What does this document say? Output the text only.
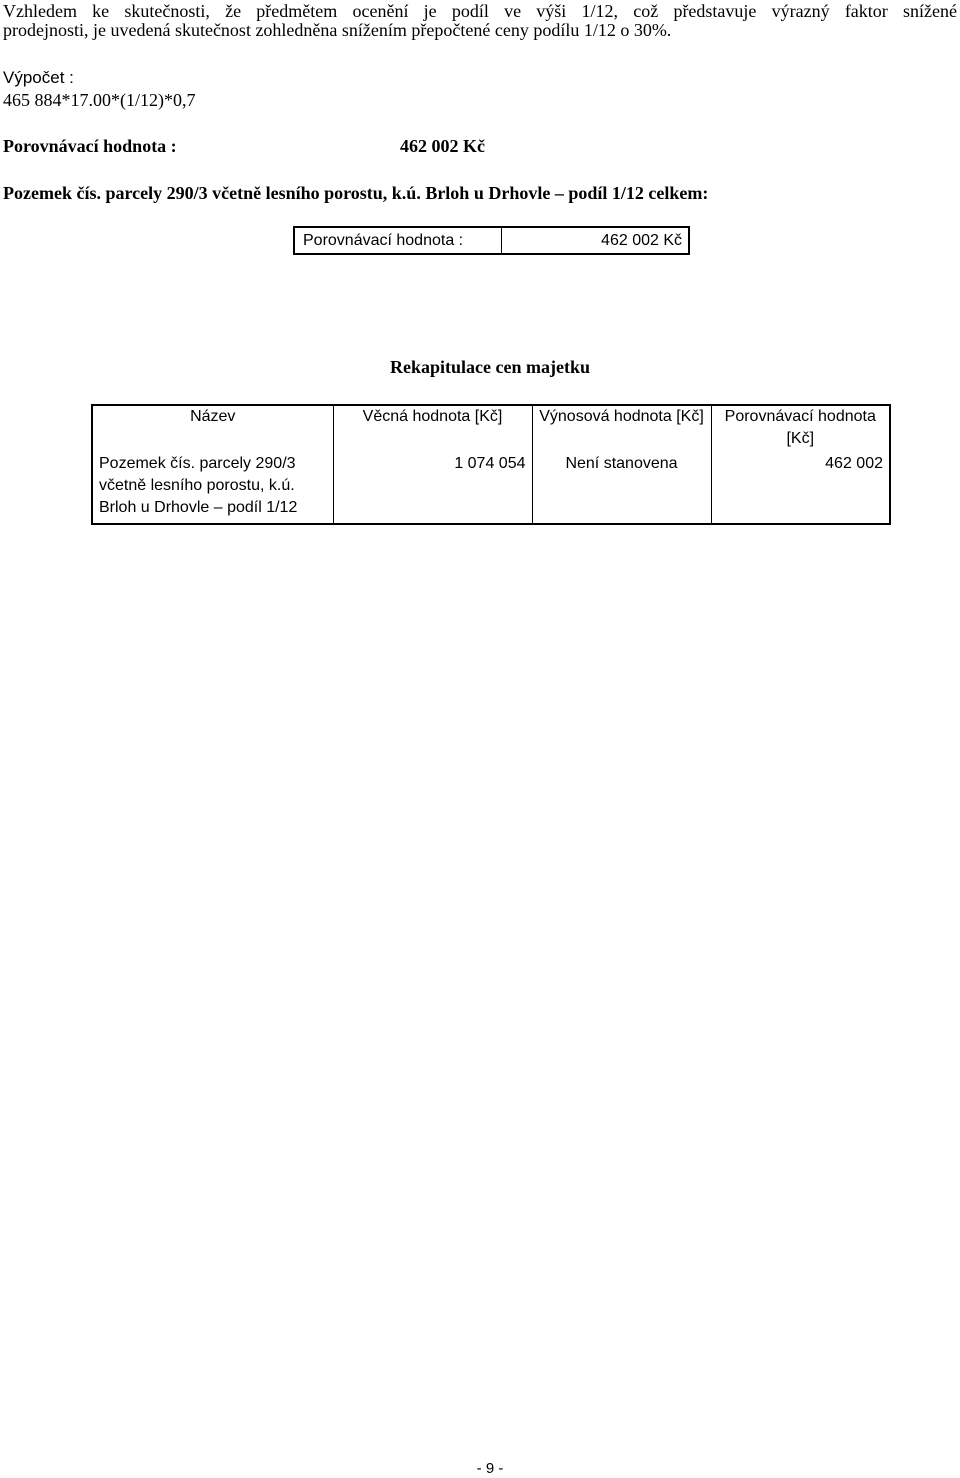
Vzhledem ke skutečnosti, že předmětem ocenění je podíl ve výši 1/12, což představuje výrazný faktor snížené
prodejnosti, je uvedená skutečnost zohledněna snížením přepočtené ceny podílu 1/12 o 30%.
Výpočet :
465 884*17.00*(1/12)*0,7
Porovnávací hodnota :	462 002 Kč
Pozemek čís. parcely 290/3 včetně lesního porostu, k.ú. Brloh u Drhovle – podíl 1/12 celkem:
Porovnávací hodnota :	462 002 Kč
Rekapitulace cen majetku
Název	Věcná hodnota [Kč]	Výnosová hodnota [Kč]	Porovnávací hodnota [Kč]
Pozemek čís. parcely 290/3 včetně lesního porostu, k.ú. Brloh u Drhovle – podíl 1/12	1 074 054	Není stanovena	462 002
- 9 -
